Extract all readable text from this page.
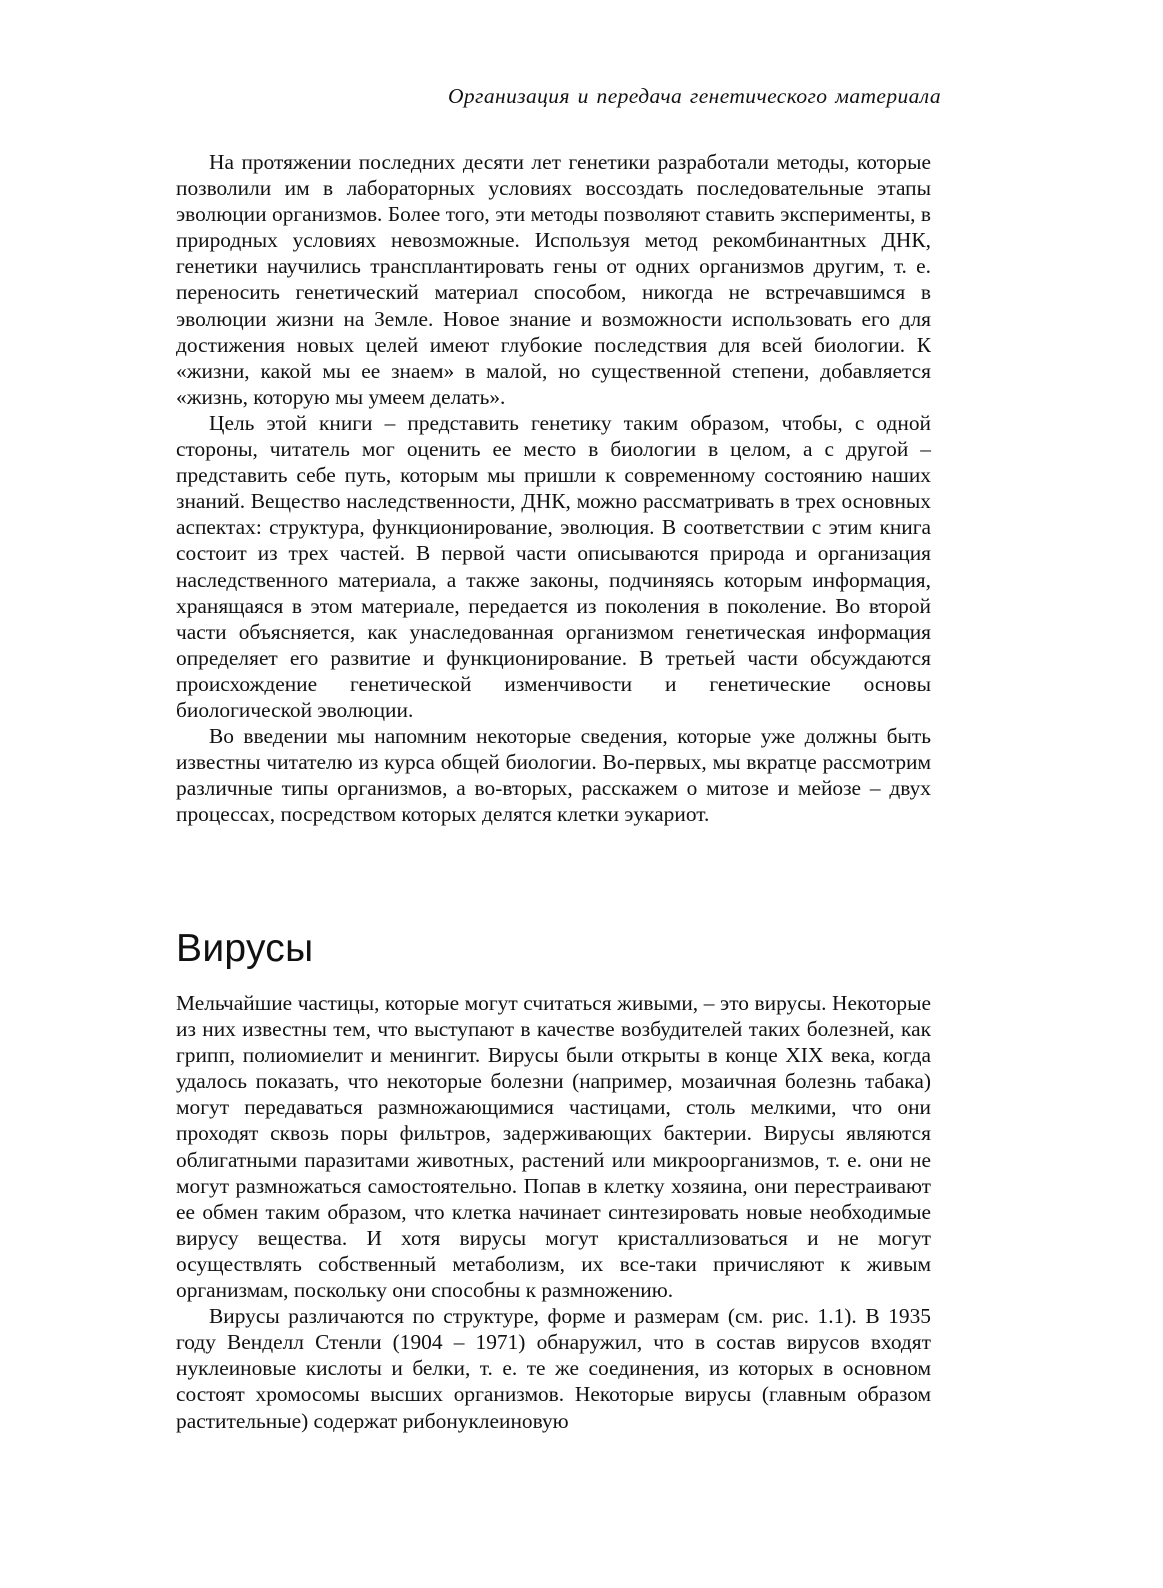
Организация и передача генетического материала

На протяжении последних десяти лет генетики разработали методы, которые позволили им в лабораторных условиях воссоздать последовательные этапы эволюции организмов. Более того, эти методы позволяют ставить эксперименты, в природных условиях невозможные. Используя метод рекомбинантных ДНК, генетики научились трансплантировать гены от одних организмов другим, т. е. переносить генетический материал способом, никогда не встречавшимся в эволюции жизни на Земле. Новое знание и возможности использовать его для достижения новых целей имеют глубокие последствия для всей биологии. К «жизни, какой мы ее знаем» в малой, но существенной степени, добавляется «жизнь, которую мы умеем делать».

Цель этой книги – представить генетику таким образом, чтобы, с одной стороны, читатель мог оценить ее место в биологии в целом, а с другой – представить себе путь, которым мы пришли к современному состоянию наших знаний. Вещество наследственности, ДНК, можно рассматривать в трех основных аспектах: структура, функционирование, эволюция. В соответствии с этим книга состоит из трех частей. В первой части описываются природа и организация наследственного материала, а также законы, подчиняясь которым информация, хранящаяся в этом материале, передается из поколения в поколение. Во второй части объясняется, как унаследованная организмом генетическая информация определяет его развитие и функционирование. В третьей части обсуждаются происхождение генетической изменчивости и генетические основы биологической эволюции.

Во введении мы напомним некоторые сведения, которые уже должны быть известны читателю из курса общей биологии. Во-первых, мы вкратце рассмотрим различные типы организмов, а во-вторых, расскажем о митозе и мейозе – двух процессах, посредством которых делятся клетки эукариот.

Вирусы

Мельчайшие частицы, которые могут считаться живыми, – это вирусы. Некоторые из них известны тем, что выступают в качестве возбудителей таких болезней, как грипп, полиомиелит и менингит. Вирусы были открыты в конце XIX века, когда удалось показать, что некоторые болезни (например, мозаичная болезнь табака) могут передаваться размножающимися частицами, столь мелкими, что они проходят сквозь поры фильтров, задерживающих бактерии. Вирусы являются облигатными паразитами животных, растений или микроорганизмов, т. е. они не могут размножаться самостоятельно. Попав в клетку хозяина, они перестраивают ее обмен таким образом, что клетка начинает синтезировать новые необходимые вирусу вещества. И хотя вирусы могут кристаллизоваться и не могут осуществлять собственный метаболизм, их все-таки причисляют к живым организмам, поскольку они способны к размножению.

Вирусы различаются по структуре, форме и размерам (см. рис. 1.1). В 1935 году Венделл Стенли (1904 – 1971) обнаружил, что в состав вирусов входят нуклеиновые кислоты и белки, т. е. те же соединения, из которых в основном состоят хромосомы высших организмов. Некоторые вирусы (главным образом растительные) содержат рибонуклеиновую
